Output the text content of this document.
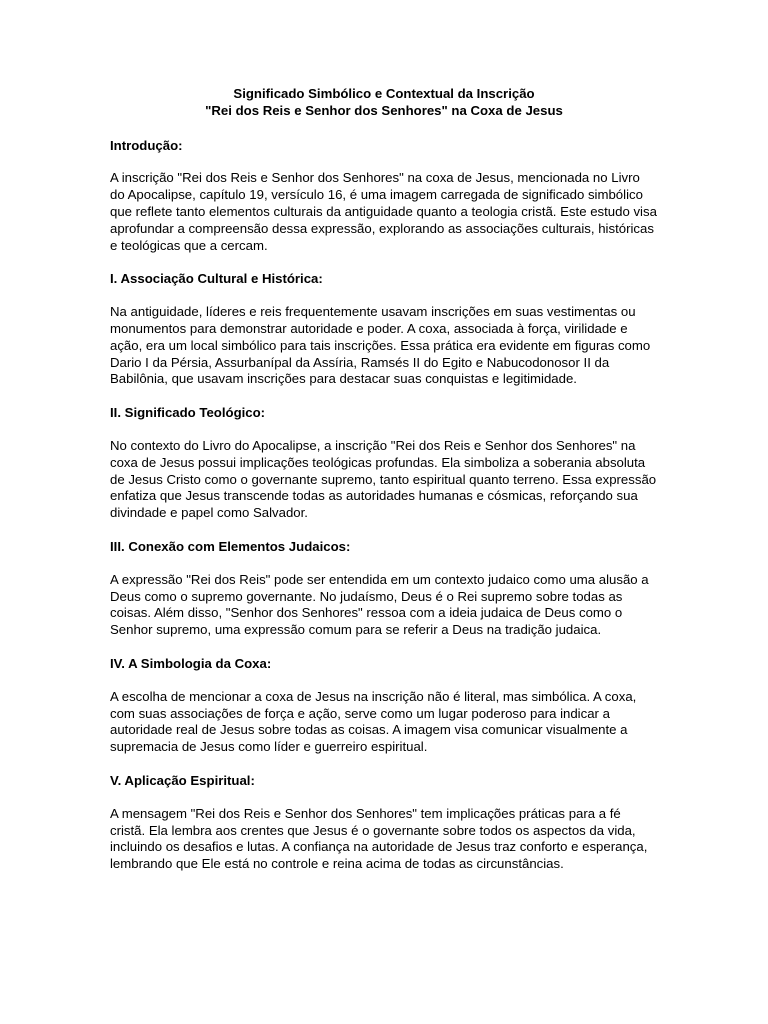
Significado Simbólico e Contextual da Inscrição
"Rei dos Reis e Senhor dos Senhores" na Coxa de Jesus
Introdução:
A inscrição "Rei dos Reis e Senhor dos Senhores" na coxa de Jesus, mencionada no Livro do Apocalipse, capítulo 19, versículo 16, é uma imagem carregada de significado simbólico que reflete tanto elementos culturais da antiguidade quanto a teologia cristã. Este estudo visa aprofundar a compreensão dessa expressão, explorando as associações culturais, históricas e teológicas que a cercam.
I. Associação Cultural e Histórica:
Na antiguidade, líderes e reis frequentemente usavam inscrições em suas vestimentas ou monumentos para demonstrar autoridade e poder. A coxa, associada à força, virilidade e ação, era um local simbólico para tais inscrições. Essa prática era evidente em figuras como Dario I da Pérsia, Assurbanípal da Assíria, Ramsés II do Egito e Nabucodonosor II da Babilônia, que usavam inscrições para destacar suas conquistas e legitimidade.
II. Significado Teológico:
No contexto do Livro do Apocalipse, a inscrição "Rei dos Reis e Senhor dos Senhores" na coxa de Jesus possui implicações teológicas profundas. Ela simboliza a soberania absoluta de Jesus Cristo como o governante supremo, tanto espiritual quanto terreno. Essa expressão enfatiza que Jesus transcende todas as autoridades humanas e cósmicas, reforçando sua divindade e papel como Salvador.
III. Conexão com Elementos Judaicos:
A expressão "Rei dos Reis" pode ser entendida em um contexto judaico como uma alusão a Deus como o supremo governante. No judaísmo, Deus é o Rei supremo sobre todas as coisas. Além disso, "Senhor dos Senhores" ressoa com a ideia judaica de Deus como o Senhor supremo, uma expressão comum para se referir a Deus na tradição judaica.
IV. A Simbologia da Coxa:
A escolha de mencionar a coxa de Jesus na inscrição não é literal, mas simbólica. A coxa, com suas associações de força e ação, serve como um lugar poderoso para indicar a autoridade real de Jesus sobre todas as coisas. A imagem visa comunicar visualmente a supremacia de Jesus como líder e guerreiro espiritual.
V. Aplicação Espiritual:
A mensagem "Rei dos Reis e Senhor dos Senhores" tem implicações práticas para a fé cristã. Ela lembra aos crentes que Jesus é o governante sobre todos os aspectos da vida, incluindo os desafios e lutas. A confiança na autoridade de Jesus traz conforto e esperança, lembrando que Ele está no controle e reina acima de todas as circunstâncias.
